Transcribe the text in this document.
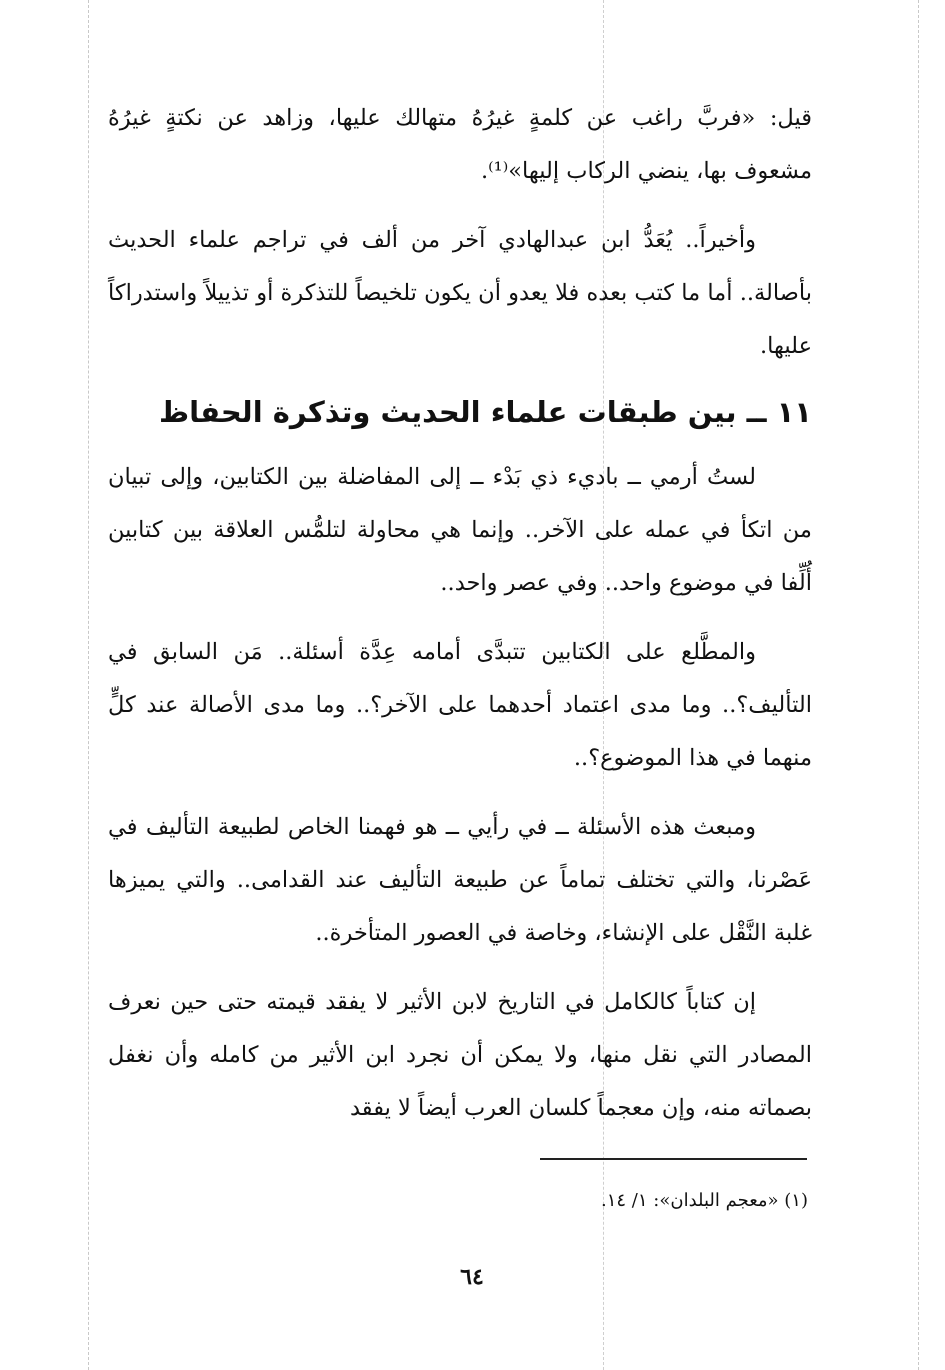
قيل: «فربَّ راغب عن كلمةٍ غيرُهُ متهالك عليها، وزاهد عن نكتةٍ غيرُهُ مشعوف بها، ينضي الركاب إليها»⁽¹⁾.

وأخيراً.. يُعَدُّ ابن عبدالهادي آخر من ألف في تراجم علماء الحديث بأصالة.. أما ما كتب بعده فلا يعدو أن يكون تلخيصاً للتذكرة أو تذييلاً واستدراكاً عليها.

١١ ــ بين طبقات علماء الحديث وتذكرة الحفاظ

لستُ أرمي ــ باديء ذي بَدْء ــ إلى المفاضلة بين الكتابين، وإلى تبيان من اتكأ في عمله على الآخر.. وإنما هي محاولة لتلمُّس العلاقة بين كتابين أُلِّفا في موضوع واحد.. وفي عصر واحد..

والمطَّلع على الكتابين تتبدَّى أمامه عِدَّة أسئلة.. مَن السابق في التأليف؟.. وما مدى اعتماد أحدهما على الآخر؟.. وما مدى الأصالة عند كلٍّ منهما في هذا الموضوع؟..

ومبعث هذه الأسئلة ــ في رأيي ــ هو فهمنا الخاص لطبيعة التأليف في عَصْرنا، والتي تختلف تماماً عن طبيعة التأليف عند القدامى.. والتي يميزها غلبة النَّقْل على الإنشاء، وخاصة في العصور المتأخرة..

إن كتاباً كالكامل في التاريخ لابن الأثير لا يفقد قيمته حتى حين نعرف المصادر التي نقل منها، ولا يمكن أن نجرد ابن الأثير من كامله وأن نغفل بصماته منه، وإن معجماً كلسان العرب أيضاً لا يفقد

(١) «معجم البلدان»: ١/ ١٤.
٦٤
